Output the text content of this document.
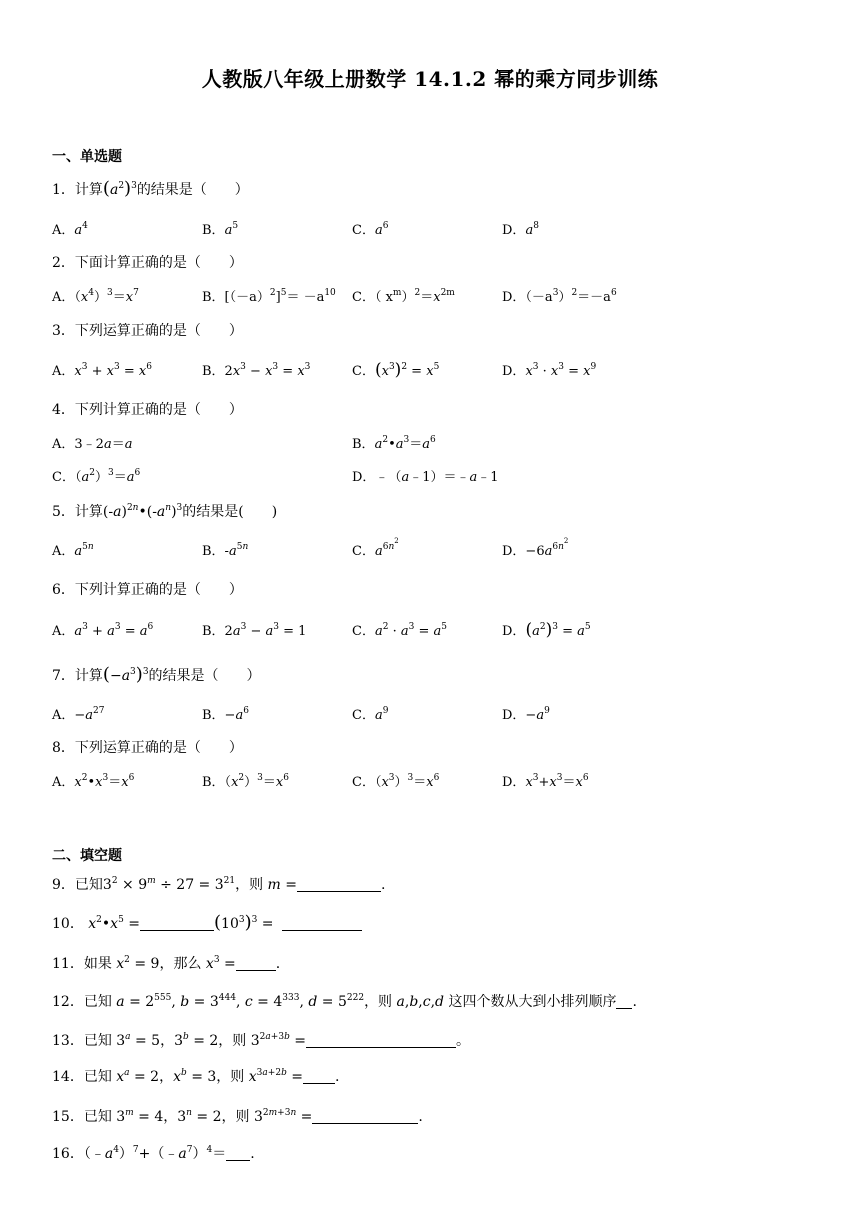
人教版八年级上册数学 14.1.2 幂的乘方同步训练
一、单选题
1．计算$(a^2)^3$的结果是（　　）
A．$a^4$	B．$a^5$	C．$a^6$	D．$a^8$
2．下面计算正确的是（　　）
A．$(x^4)^3=x^7$	B．$[(-a)^2]^5= -a^{10}$ C．（ $x^m)^2=x^{2m}$	D．$(-a^3)^2=-a^6$
3．下列运算正确的是（　　）
A．$x^3 + x^3 = x^6$	B．$2x^3 - x^3 = x^3$	C．$(x^3)^2 = x^5$	D．$x^3 \cdot x^3 = x^9$
4．下列计算正确的是（　　）
A．3﹣2a＝a	B．$a^2•a^3=a^6$
C．$(a^2)^3=a^6$	D．﹣（a﹣1）＝﹣a﹣1
5．计算$(-a)^{2n}•(-a^n)^3$的结果是(　　)
A．$a^{5n}$	B．$-a^{5n}$	C．$a^{6n^2}$
D．$-6a^{6n^2}$
6．下列计算正确的是（　　）
A．$a^3 + a^3 = a^6$	B．$2a^3 - a^3 = 1$	C．$a^2 \cdot a^3 = a^5$	D．$(a^2)^3 = a^5$
7．计算$(-a^3)^3$的结果是（　　）
A．$-a^{27}$	B．$-a^6$	C．$a^9$	D．$-a^9$
8．下列运算正确的是（　　）
A．$x^2•x^3=x^6$	B．$(x^2)^3=x^6$	C．$(x^3)^3=x^6$	D．$x^3+x^3=x^6$
二、填空题
9．已知$3^2 \times 9^m \div 27 = 3^{21}$，则 m =	.
10． $x^2•x^5$ =	$(10^3)^3$ =
11．如果 $x^2 = 9$，那么 $x^3$ =	.
12．已知 $a = 2^{555}$, $b = 3^{444}$, $c = 4^{333}$, $d = 5^{222}$，则 a,b,c,d 这四个数从大到小排列顺序 .
13．已知 $3^a = 5$，$3^b = 2$，则 $3^{2a+3b}$ =	。
14．已知 $x^a = 2$，$x^b = 3$，则 $x^{3a+2b}$ = .
15．已知 $3^m = 4$，$3^n = 2$，则 $3^{2m+3n}$ =	.
16．$(﹣a^4)^7+(﹣a^7)^4=$ .
